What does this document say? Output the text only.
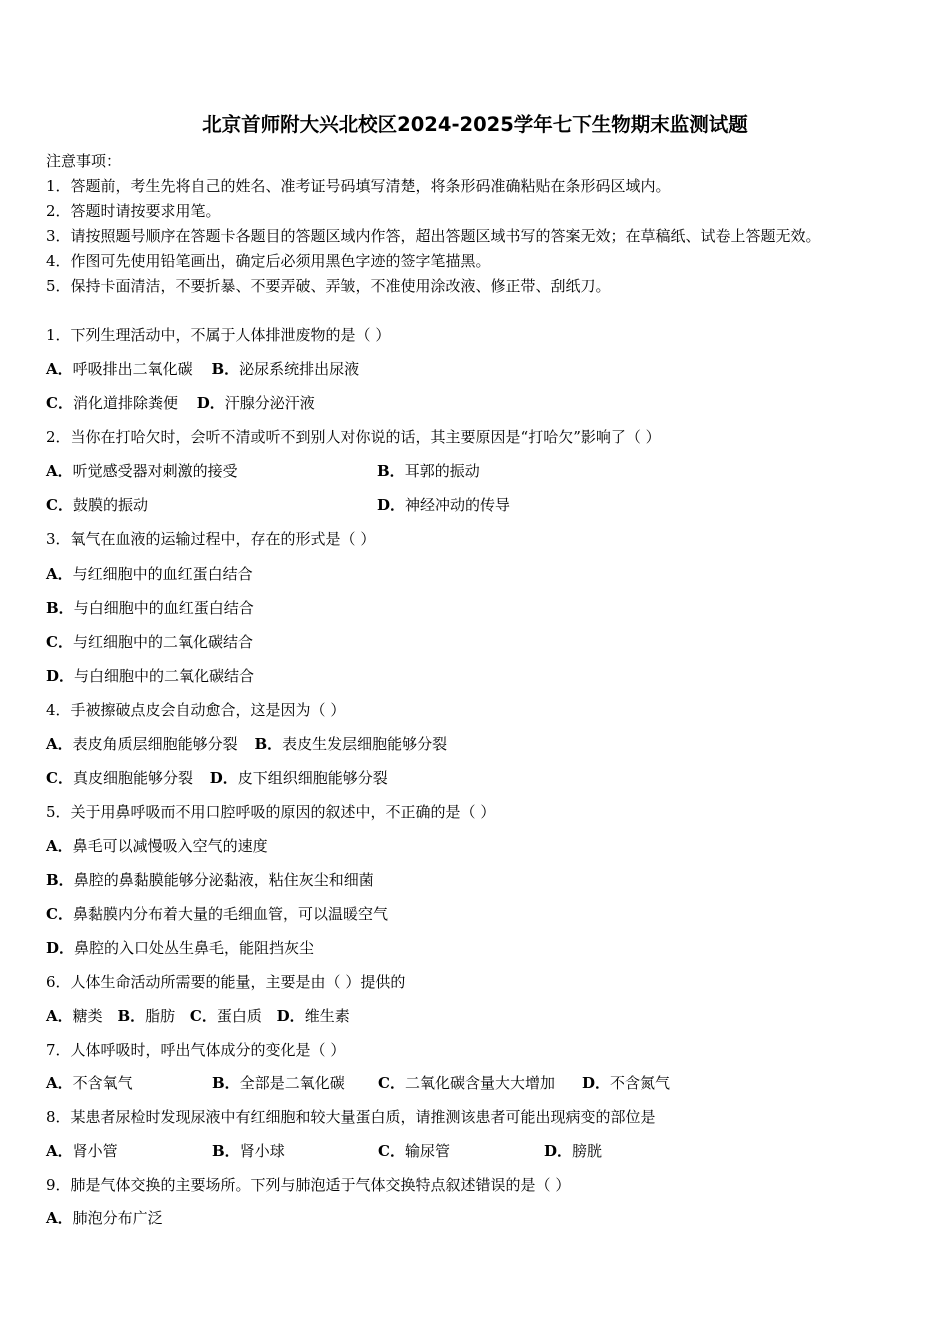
北京首师附大兴北校区2024-2025学年七下生物期末监测试题
注意事项：
1．答题前，考生先将自己的姓名、准考证号码填写清楚，将条形码准确粘贴在条形码区域内。
2．答题时请按要求用笔。
3．请按照题号顺序在答题卡各题目的答题区域内作答，超出答题区域书写的答案无效；在草稿纸、试卷上答题无效。
4．作图可先使用铅笔画出，确定后必须用黑色字迹的签字笔描黑。
5．保持卡面清洁，不要折暴、不要弄破、弄皱，不准使用涂改液、修正带、刮纸刀。
1．下列生理活动中，不属于人体排泄废物的是（ ）
A．呼吸排出二氧化碳 B．泌尿系统排出尿液
C．消化道排除粪便 D．汗腺分泌汗液
2．当你在打哈欠时，会听不清或听不到别人对你说的话，其主要原因是“打哈欠”影响了（ ）
A．听觉感受器对刺激的接受	B．耳郭的振动
C．鼓膜的振动	D．神经冲动的传导
3．氧气在血液的运输过程中，存在的形式是（ ）
A．与红细胞中的血红蛋白结合
B．与白细胞中的血红蛋白结合
C．与红细胞中的二氧化碳结合
D．与白细胞中的二氧化碳结合
4．手被擦破点皮会自动愈合，这是因为（ ）
A．表皮角质层细胞能够分裂 B．表皮生发层细胞能够分裂
C．真皮细胞能够分裂 D．皮下组织细胞能够分裂
5．关于用鼻呼吸而不用口腔呼吸的原因的叙述中，不正确的是（ ）
A．鼻毛可以减慢吸入空气的速度
B．鼻腔的鼻黏膜能够分泌黏液，粘住灰尘和细菌
C．鼻黏膜内分布着大量的毛细血管，可以温暖空气
D．鼻腔的入口处丛生鼻毛，能阻挡灰尘
6．人体生命活动所需要的能量，主要是由（ ）提供的
A．糖类 B．脂肪 C．蛋白质 D．维生素
7．人体呼吸时，呼出气体成分的变化是（ ）
A．不含氧气	B．全部是二氧化碳 C．二氧化碳含量大大增加 D．不含氮气
8．某患者尿检时发现尿液中有红细胞和较大量蛋白质，请推测该患者可能出现病变的部位是
A．肾小管	B．肾小球	C．输尿管	D．膀胱
9．肺是气体交换的主要场所。下列与肺泡适于气体交换特点叙述错误的是（ ）
A．肺泡分布广泛
